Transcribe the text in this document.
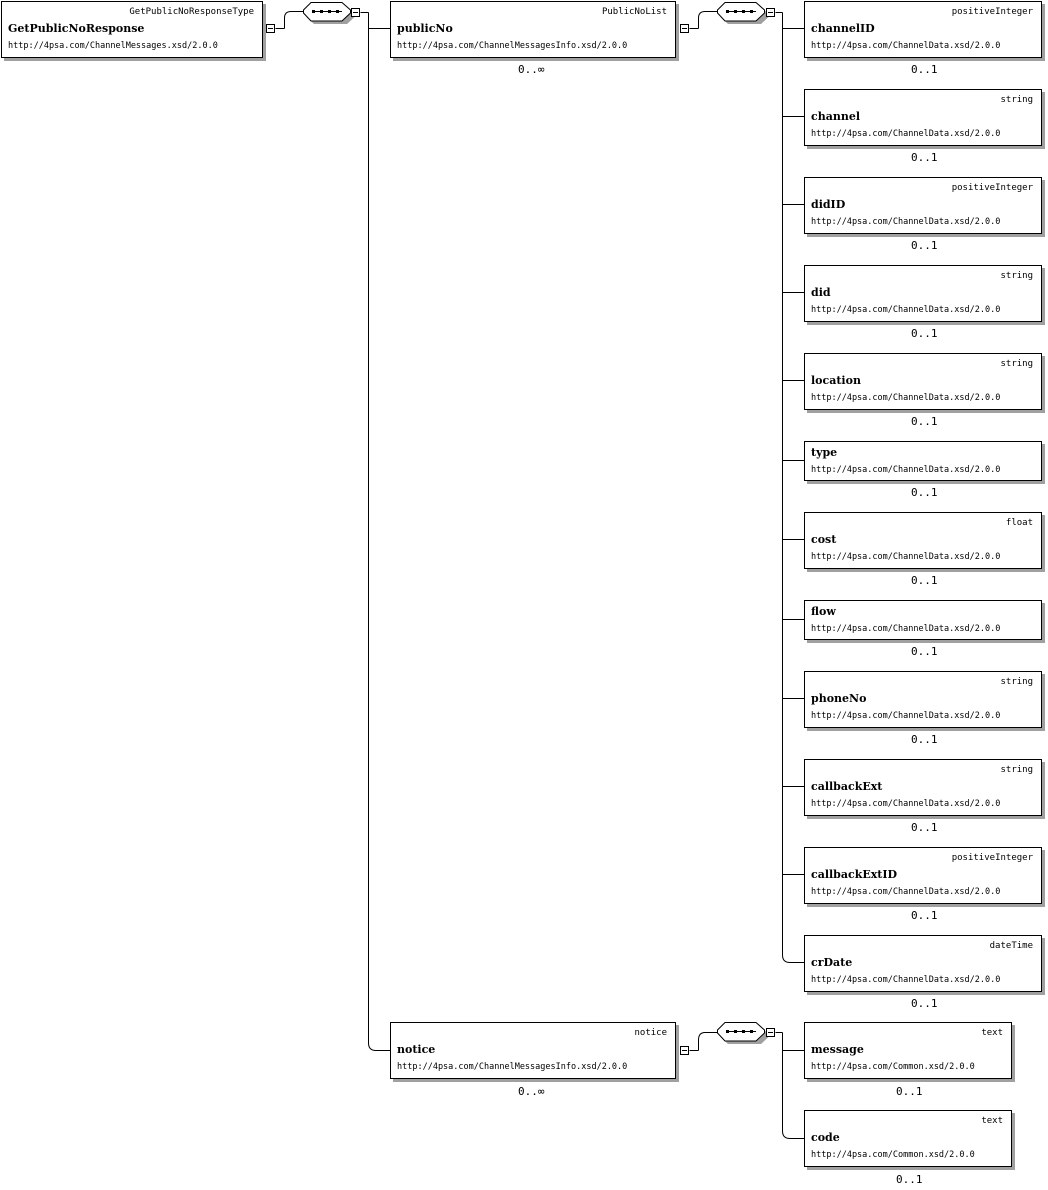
GetPublicNoResponseType
GetPublicNoResponse
http://4psa.com/ChannelMessages.xsd/2.0.0
PublicNoList
publicNo
http://4psa.com/ChannelMessagesInfo.xsd/2.0.0
0..∞
notice
notice
http://4psa.com/ChannelMessagesInfo.xsd/2.0.0
0..∞
positiveInteger
channelID
http://4psa.com/ChannelData.xsd/2.0.0
0..1
string
channel
http://4psa.com/ChannelData.xsd/2.0.0
0..1
positiveInteger
didID
http://4psa.com/ChannelData.xsd/2.0.0
0..1
string
did
http://4psa.com/ChannelData.xsd/2.0.0
0..1
string
location
http://4psa.com/ChannelData.xsd/2.0.0
0..1
type
http://4psa.com/ChannelData.xsd/2.0.0
0..1
float
cost
http://4psa.com/ChannelData.xsd/2.0.0
0..1
flow
http://4psa.com/ChannelData.xsd/2.0.0
0..1
string
phoneNo
http://4psa.com/ChannelData.xsd/2.0.0
0..1
string
callbackExt
http://4psa.com/ChannelData.xsd/2.0.0
0..1
positiveInteger
callbackExtID
http://4psa.com/ChannelData.xsd/2.0.0
0..1
dateTime
crDate
http://4psa.com/ChannelData.xsd/2.0.0
0..1
text
message
http://4psa.com/Common.xsd/2.0.0
0..1
text
code
http://4psa.com/Common.xsd/2.0.0
0..1
